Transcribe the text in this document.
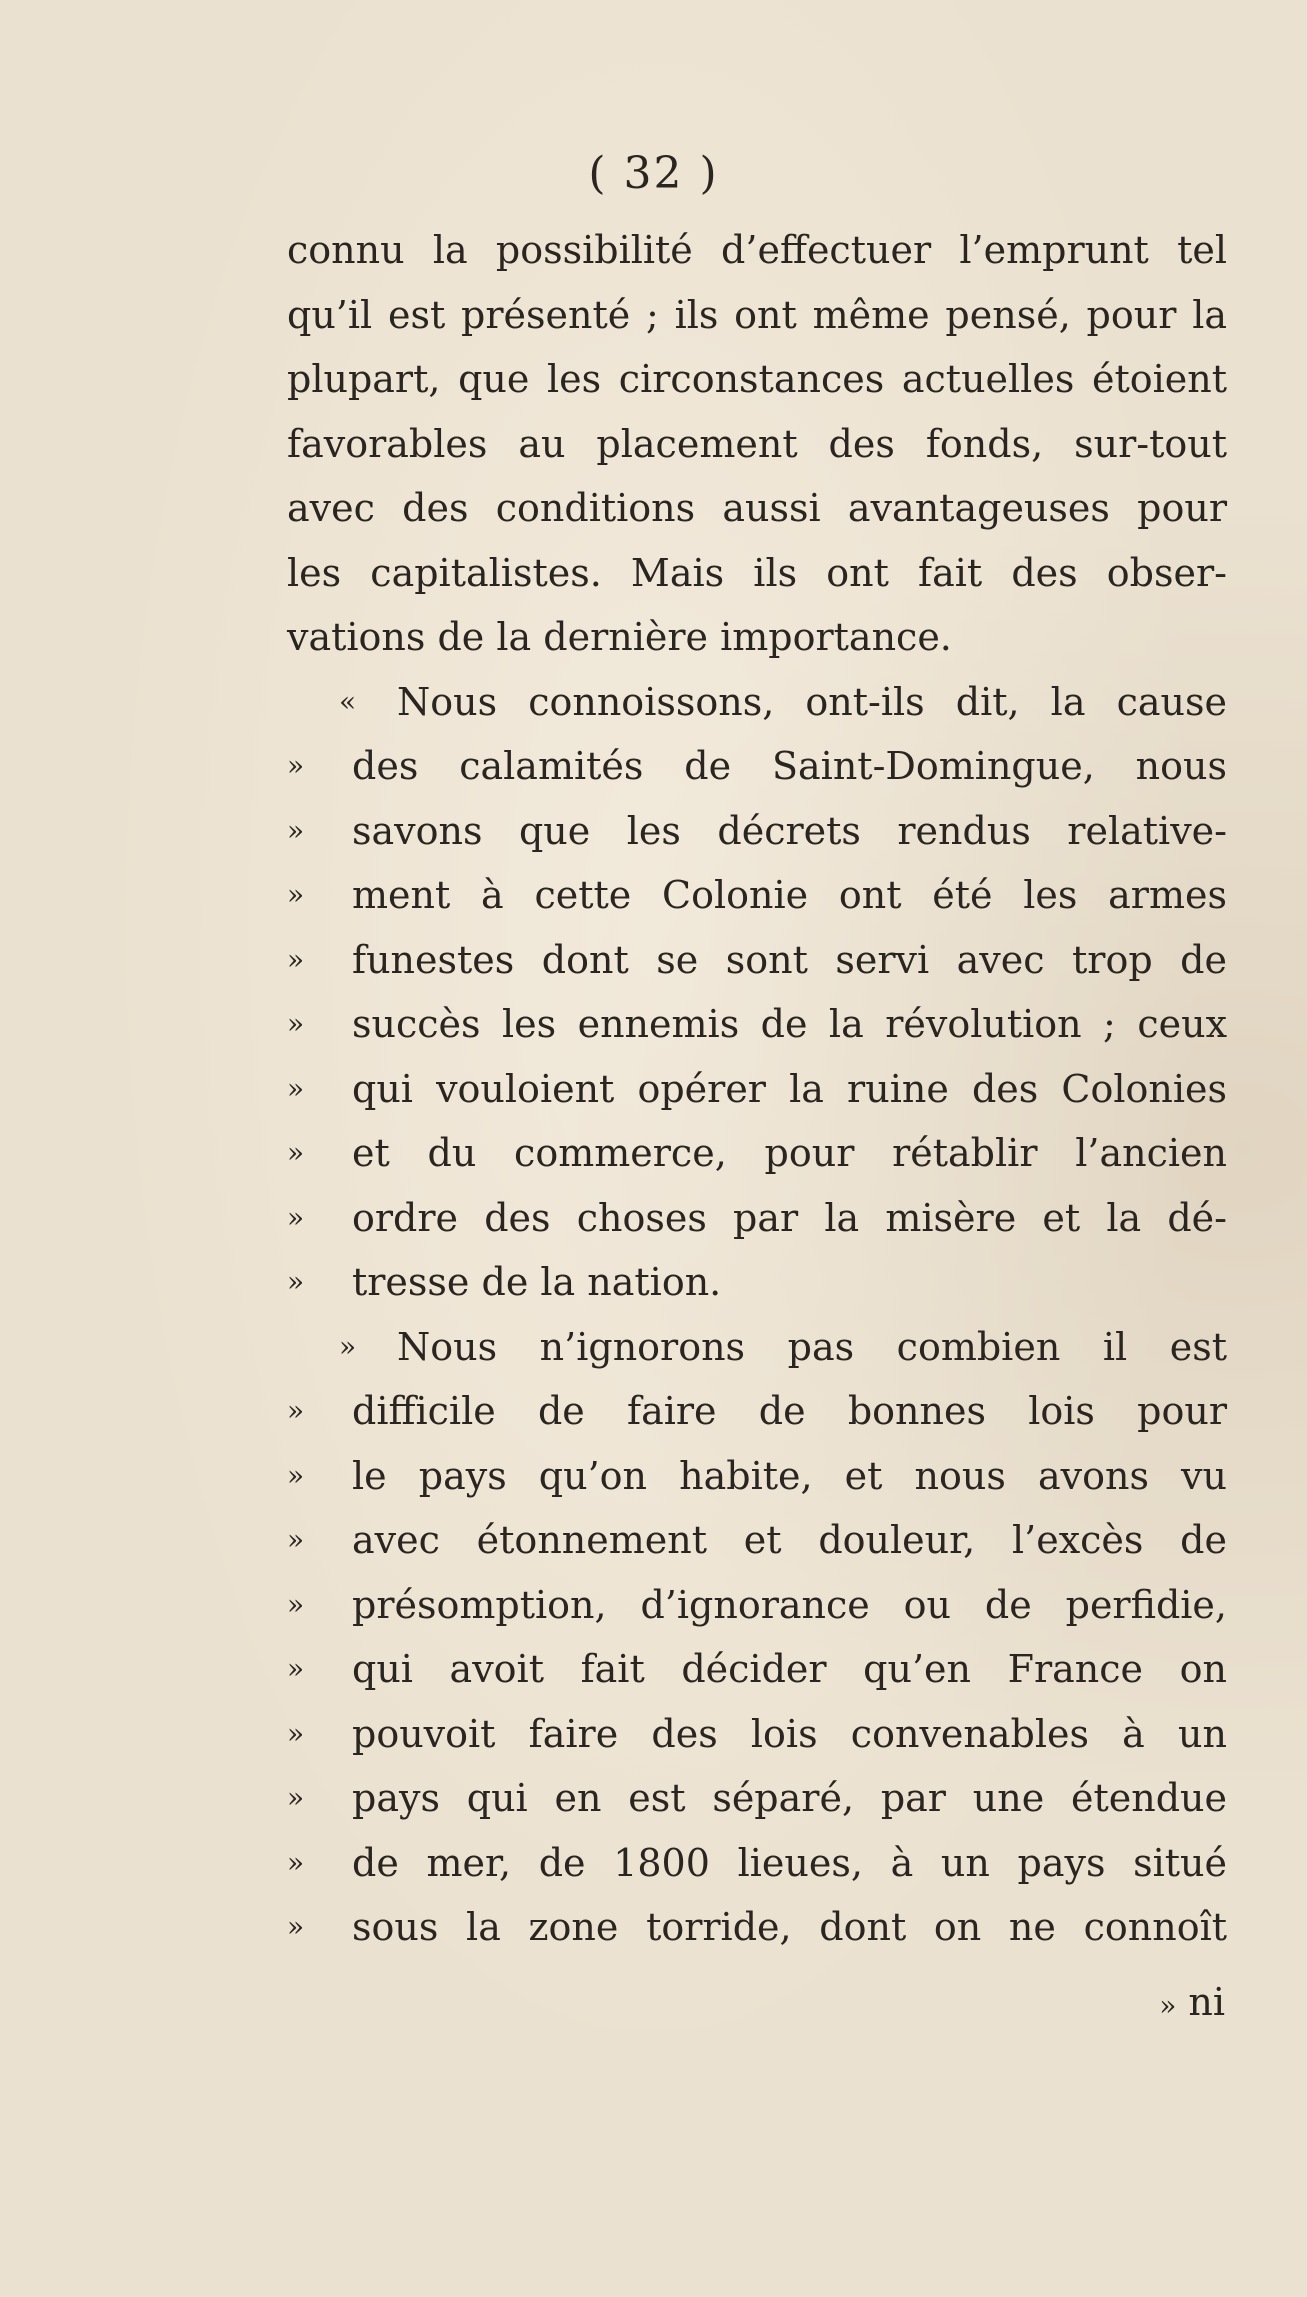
( 32 )
connu la possibilité d’effectuer l’emprunt tel
qu’il est présenté ; ils ont même pensé, pour la
plupart, que les circonstances actuelles étoient
favorables au placement des fonds, sur-tout
avec des conditions aussi avantageuses pour
les capitalistes. Mais ils ont fait des obser-
vations de la dernière importance.
« Nous connoissons, ont-ils dit, la cause
» des calamités de Saint-Domingue, nous
» savons que les décrets rendus relative-
» ment à cette Colonie ont été les armes
» funestes dont se sont servi avec trop de
» succès les ennemis de la révolution ; ceux
» qui vouloient opérer la ruine des Colonies
» et du commerce, pour rétablir l’ancien
» ordre des choses par la misère et la dé-
» tresse de la nation.
» Nous n’ignorons pas combien il est
» difficile de faire de bonnes lois pour
» le pays qu’on habite, et nous avons vu
» avec étonnement et douleur, l’excès de
» présomption, d’ignorance ou de perfidie,
» qui avoit fait décider qu’en France on
» pouvoit faire des lois convenables à un
» pays qui en est séparé, par une étendue
» de mer, de 1800 lieues, à un pays situé
» sous la zone torride, dont on ne connoît
» ni
